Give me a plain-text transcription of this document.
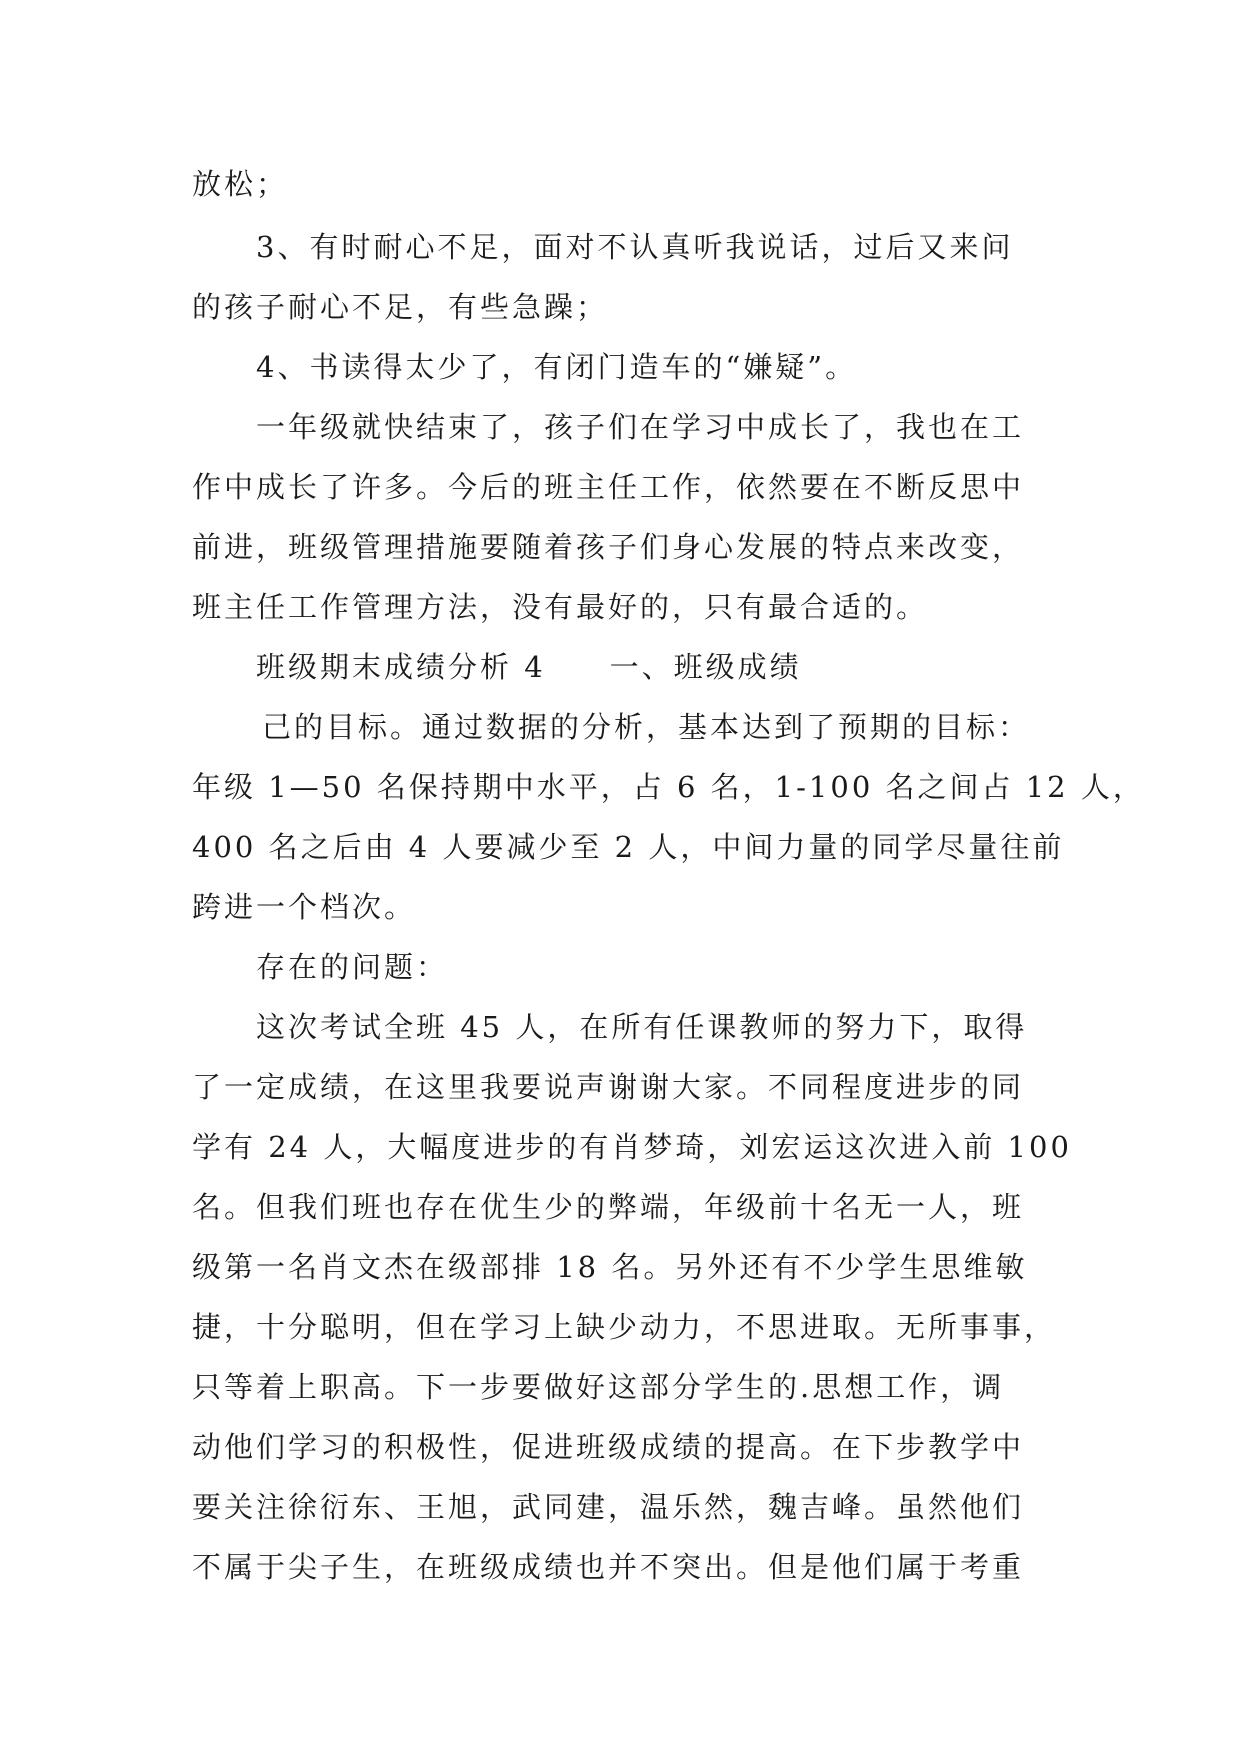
放松；
3、有时耐心不足，面对不认真听我说话，过后又来问
的孩子耐心不足，有些急躁；
4、书读得太少了，有闭门造车的“嫌疑”。
一年级就快结束了，孩子们在学习中成长了，我也在工
作中成长了许多。今后的班主任工作，依然要在不断反思中
前进，班级管理措施要随着孩子们身心发展的特点来改变，
班主任工作管理方法，没有最好的，只有最合适的。
班级期末成绩分析 4　　一、班级成绩
己的目标。通过数据的分析，基本达到了预期的目标：
年级 1—50 名保持期中水平，占 6 名，1-100 名之间占 12 人，
400 名之后由 4 人要减少至 2 人，中间力量的同学尽量往前
跨进一个档次。
存在的问题：
这次考试全班 45 人，在所有任课教师的努力下，取得
了一定成绩，在这里我要说声谢谢大家。不同程度进步的同
学有 24 人，大幅度进步的有肖梦琦，刘宏运这次进入前 100
名。但我们班也存在优生少的弊端，年级前十名无一人，班
级第一名肖文杰在级部排 18 名。另外还有不少学生思维敏
捷，十分聪明，但在学习上缺少动力，不思进取。无所事事，
只等着上职高。下一步要做好这部分学生的.思想工作，调
动他们学习的积极性，促进班级成绩的提高。在下步教学中
要关注徐衍东、王旭，武同建，温乐然，魏吉峰。虽然他们
不属于尖子生，在班级成绩也并不突出。但是他们属于考重
